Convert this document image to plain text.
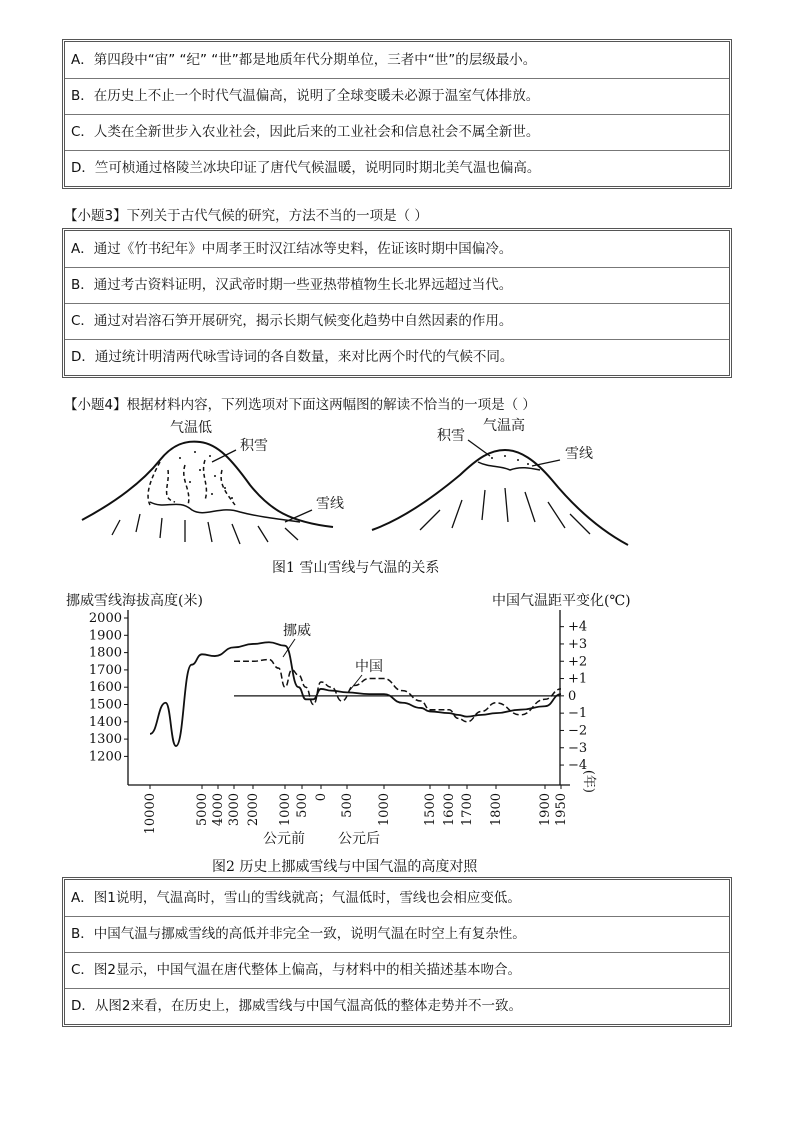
A．第四段中“宙” “纪” “世”都是地质年代分期单位，三者中“世”的层级最小。
B．在历史上不止一个时代气温偏高，说明了全球变暖未必源于温室气体排放。
C．人类在全新世步入农业社会，因此后来的工业社会和信息社会不属全新世。
D．竺可桢通过格陵兰冰块印证了唐代气候温暖，说明同时期北美气温也偏高。
【小题3】下列关于古代气候的研究，方法不当的一项是（ ）
A．通过《竹书纪年》中周孝王时汉江结冰等史料，佐证该时期中国偏冷。
B．通过考古资料证明，汉武帝时期一些亚热带植物生长北界远超过当代。
C．通过对岩溶石笋开展研究，揭示长期气候变化趋势中自然因素的作用。
D．通过统计明清两代咏雪诗词的各自数量，来对比两个时代的气候不同。
【小题4】根据材料内容，下列选项对下面这两幅图的解读不恰当的一项是（ ）
气温低
积雪
雪线
积雪
气温高
雪线
图1 雪山雪线与气温的关系
挪威雪线海拔高度(米)	中国气温距平变化(℃)
2000
1900
1800
1700
1600
1500
1400
1300
1200
+4
+3
+2
+1
0
−1
−2
−3
−4
10000	5000 4000 3000 2000 1000 500 0 500 1000 1500 1600 1700 1800	1900 1950
(年)
挪威
中国
公元前 公元后
图2 历史上挪威雪线与中国气温的高度对照
A．图1说明，气温高时，雪山的雪线就高；气温低时，雪线也会相应变低。
B．中国气温与挪威雪线的高低并非完全一致，说明气温在时空上有复杂性。
C．图2显示，中国气温在唐代整体上偏高，与材料中的相关描述基本吻合。
D．从图2来看，在历史上，挪威雪线与中国气温高低的整体走势并不一致。
